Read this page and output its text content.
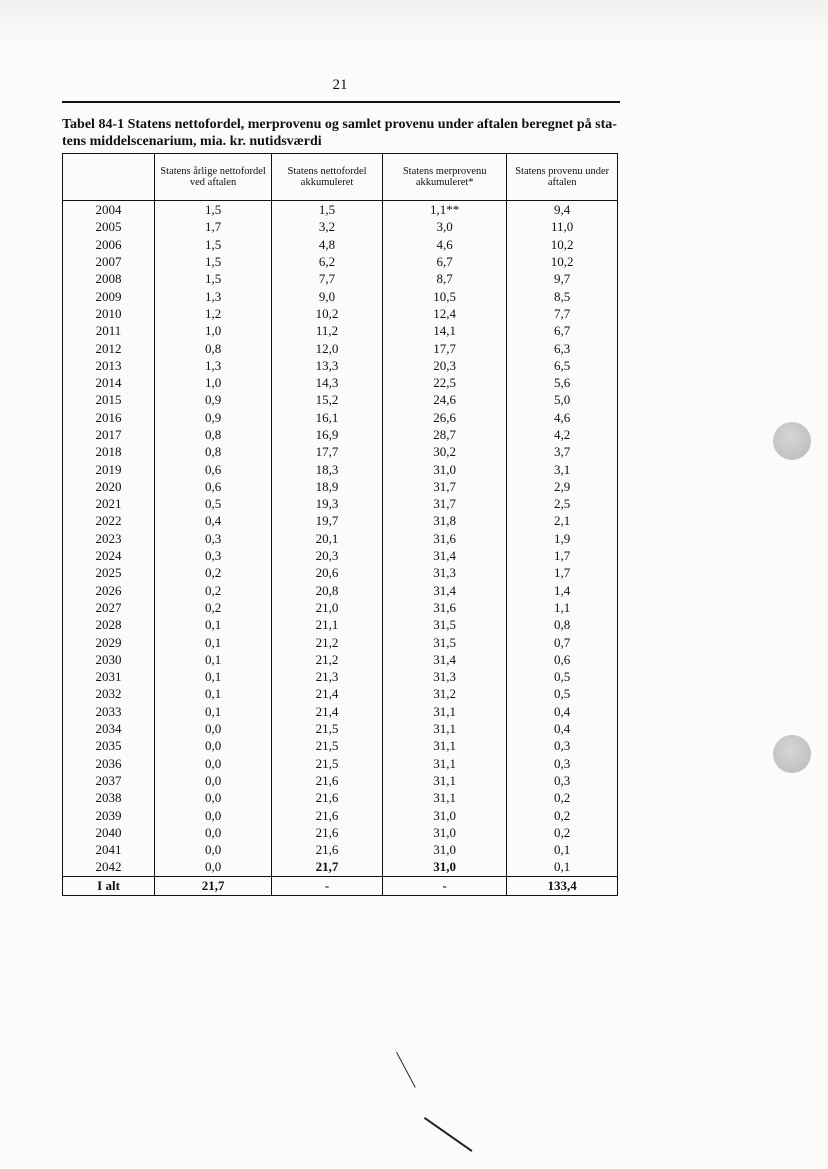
21
Tabel 84-1 Statens nettofordel, merprovenu og samlet provenu under aftalen beregnet på sta-tens middelscenarium, mia. kr. nutidsværdi
	Statens årlige nettofordel ved aftalen	Statens nettofordel akkumuleret	Statens merprovenu akkumuleret*	Statens provenu under aftalen
2004	1,5	1,5	1,1**	9,4
2005	1,7	3,2	3,0	11,0
2006	1,5	4,8	4,6	10,2
2007	1,5	6,2	6,7	10,2
2008	1,5	7,7	8,7	9,7
2009	1,3	9,0	10,5	8,5
2010	1,2	10,2	12,4	7,7
2011	1,0	11,2	14,1	6,7
2012	0,8	12,0	17,7	6,3
2013	1,3	13,3	20,3	6,5
2014	1,0	14,3	22,5	5,6
2015	0,9	15,2	24,6	5,0
2016	0,9	16,1	26,6	4,6
2017	0,8	16,9	28,7	4,2
2018	0,8	17,7	30,2	3,7
2019	0,6	18,3	31,0	3,1
2020	0,6	18,9	31,7	2,9
2021	0,5	19,3	31,7	2,5
2022	0,4	19,7	31,8	2,1
2023	0,3	20,1	31,6	1,9
2024	0,3	20,3	31,4	1,7
2025	0,2	20,6	31,3	1,7
2026	0,2	20,8	31,4	1,4
2027	0,2	21,0	31,6	1,1
2028	0,1	21,1	31,5	0,8
2029	0,1	21,2	31,5	0,7
2030	0,1	21,2	31,4	0,6
2031	0,1	21,3	31,3	0,5
2032	0,1	21,4	31,2	0,5
2033	0,1	21,4	31,1	0,4
2034	0,0	21,5	31,1	0,4
2035	0,0	21,5	31,1	0,3
2036	0,0	21,5	31,1	0,3
2037	0,0	21,6	31,1	0,3
2038	0,0	21,6	31,1	0,2
2039	0,0	21,6	31,0	0,2
2040	0,0	21,6	31,0	0,2
2041	0,0	21,6	31,0	0,1
2042	0,0	21,7	31,0	0,1
I alt	21,7	-	-	133,4
